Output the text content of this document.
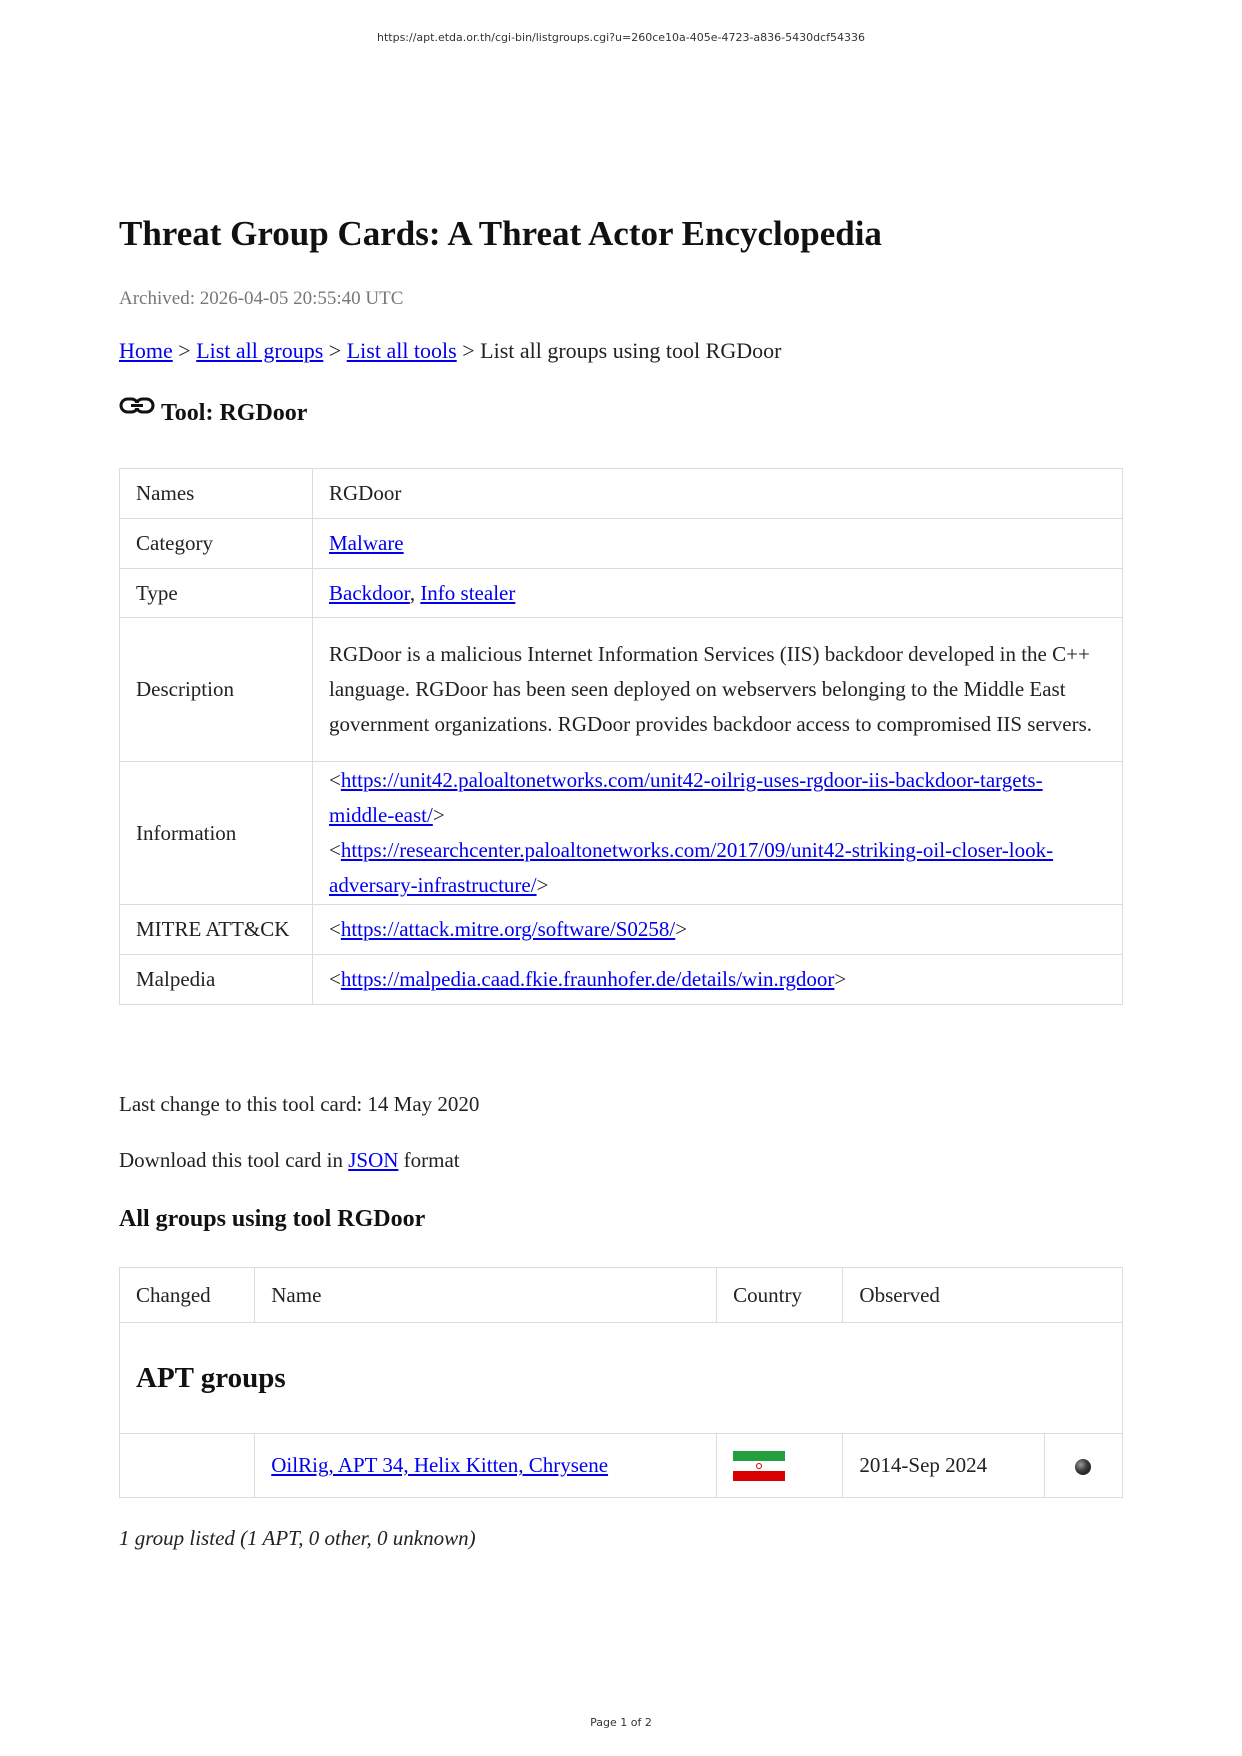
https://apt.etda.or.th/cgi-bin/listgroups.cgi?u=260ce10a-405e-4723-a836-5430dcf54336
Threat Group Cards: A Threat Actor Encyclopedia
Archived: 2026-04-05 20:55:40 UTC
Home > List all groups > List all tools > List all groups using tool RGDoor
Tool: RGDoor
Names	RGDoor
Category	Malware
Type	Backdoor, Info stealer
Description	RGDoor is a malicious Internet Information Services (IIS) backdoor developed in the C++ language. RGDoor has been seen deployed on webservers belonging to the Middle East government organizations. RGDoor provides backdoor access to compromised IIS servers.
Information	<https://unit42.paloaltonetworks.com/unit42-oilrig-uses-rgdoor-iis-backdoor-targets-middle-east/>
<https://researchcenter.paloaltonetworks.com/2017/09/unit42-striking-oil-closer-look-adversary-infrastructure/>
MITRE ATT&CK	<https://attack.mitre.org/software/S0258/>
Malpedia	<https://malpedia.caad.fkie.fraunhofer.de/details/win.rgdoor>
Last change to this tool card: 14 May 2020
Download this tool card in JSON format
All groups using tool RGDoor
Changed	Name	Country	Observed	
APT groups				
	OilRig, APT 34, Helix Kitten, Chrysene		2014-Sep 2024	
1 group listed (1 APT, 0 other, 0 unknown)
Page 1 of 2
